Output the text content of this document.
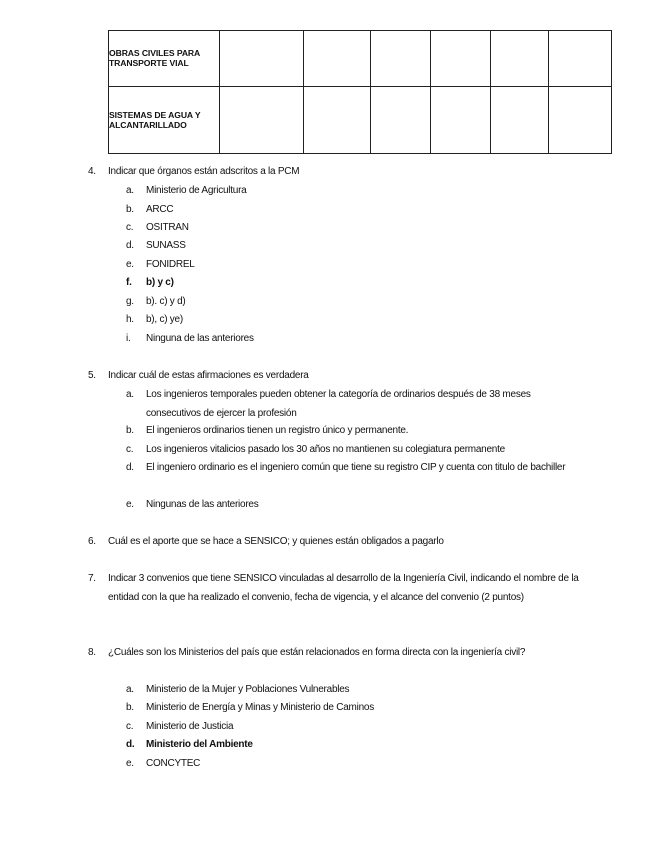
OBRAS CIVILES PARA TRANSPORTE VIAL						
SISTEMAS DE AGUA Y ALCANTARILLADO						
4. Indicar que órganos están adscritos a la PCM
a.	Ministerio de Agricultura
b.	ARCC
c.	OSITRAN
d.	SUNASS
e.	FONIDREL
f.	b) y c)
g.	b). c) y d)
h.	b), c) ye)
i.	Ninguna de las anteriores
5. Indicar cuál de estas afirmaciones es verdadera
a.	Los ingenieros temporales pueden obtener la categoría de ordinarios después de 38 meses consecutivos de ejercer la profesión
b.	El ingenieros ordinarios tienen un registro único y permanente.
c.	Los ingenieros vitalicios pasado los 30 años no mantienen su colegiatura permanente
d.	El ingeniero ordinario es el ingeniero común que tiene su registro CIP y cuenta con titulo de bachiller
e.	Ningunas de las anteriores
6. Cuál es el aporte que se hace a SENSICO; y quienes están obligados a pagarlo
7. Indicar 3 convenios que tiene SENSICO vinculadas al desarrollo de la Ingeniería Civil, indicando el nombre de la entidad con la que ha realizado el convenio, fecha de vigencia, y el alcance del convenio (2 puntos)
8. ¿Cuáles son los Ministerios del país que están relacionados en forma directa con la ingeniería civil?
a.	Ministerio de la Mujer y Poblaciones Vulnerables
b.	Ministerio de Energía y Minas y Ministerio de Caminos
c.	Ministerio de Justicia
d.	Ministerio del Ambiente
e.	CONCYTEC
